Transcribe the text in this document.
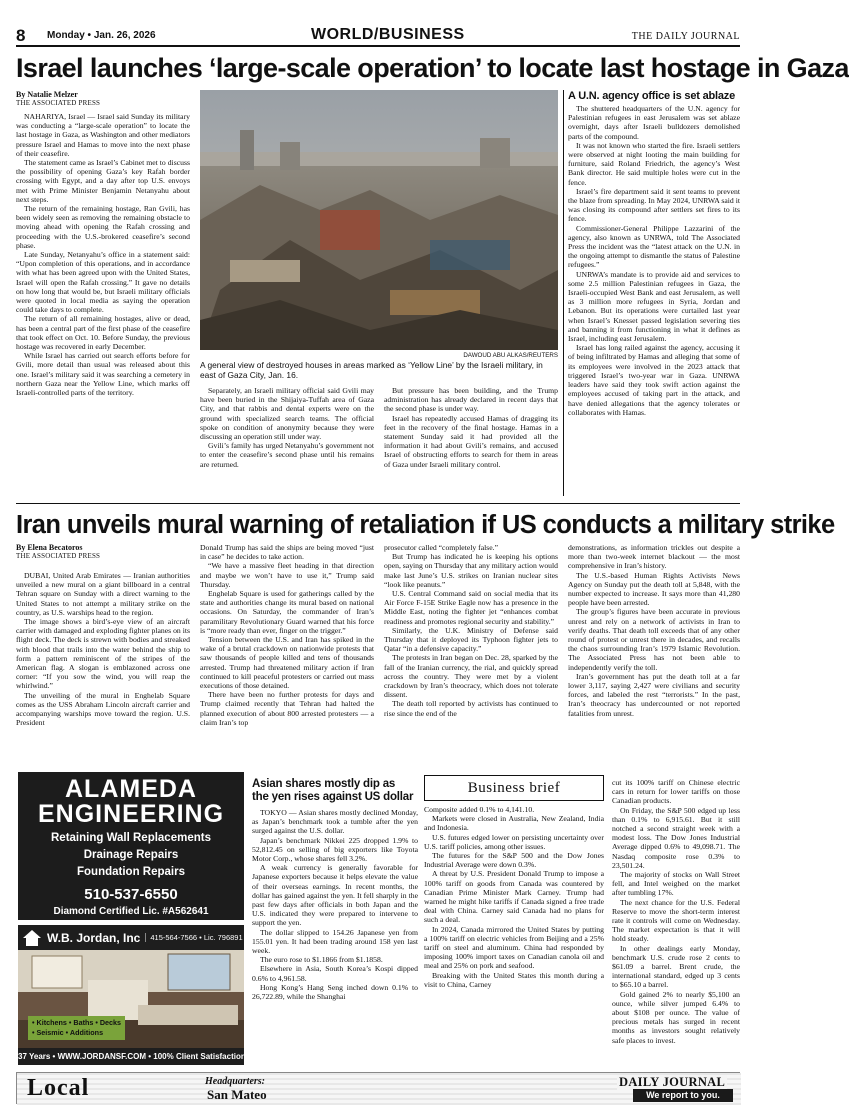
8 Monday • Jan. 26, 2026	WORLD/BUSINESS	THE DAILY JOURNAL
Israel launches ‘large-scale operation’ to locate last hostage in Gaza
By Natalie Melzer
THE ASSOCIATED PRESS

NAHARIYA, Israel — Israel said Sunday its military was conducting a “large-scale operation” to locate the last hostage in Gaza, as Washington and other mediators pressure Israel and Hamas to move into the next phase of their ceasefire.

The statement came as Israel’s Cabinet met to discuss the possibility of opening Gaza’s key Rafah border crossing with Egypt, and a day after top U.S. envoys met with Prime Minister Benjamin Netanyahu about next steps.

The return of the remaining hostage, Ran Gvili, has been widely seen as removing the remaining obstacle to moving ahead with opening the Rafah crossing and proceeding with the U.S.-brokered ceasefire’s second phase.

Late Sunday, Netanyahu’s office in a statement said: “Upon completion of this operations, and in accordance with what has been agreed upon with the United States, Israel will open the Rafah crossing.” It gave no details on how long that would be, but Israeli military officials were quoted in local media as saying the operation could take days to complete.

The return of all remaining hostages, alive or dead, has been a central part of the first phase of the ceasefire that took effect on Oct. 10. Before Sunday, the previous hostage was recovered in early December.

While Israel has carried out search efforts before for Gvili, more detail than usual was released about this one. Israel’s military said it was searching a cemetery in northern Gaza near the Yellow Line, which marks off Israeli-controlled parts of the territory.

DAWOUD ABU ALKAS/REUTERS
A general view of destroyed houses in areas marked as ‘Yellow Line’ by the Israeli military, in east of Gaza City, Jan. 16.

Separately, an Israeli military official said Gvili may have been buried in the Shijaiya-Tuffah area of Gaza City, and that rabbis and dental experts were on the ground with specialized search teams. The official spoke on condition of anonymity because they were discussing an operation still under way.

Gvili’s family has urged Netanyahu’s government not to enter the ceasefire’s second phase until his remains are returned.

But pressure has been building, and the Trump administration has already declared in recent days that the second phase is under way.

Israel has repeatedly accused Hamas of dragging its feet in the recovery of the final hostage. Hamas in a statement Sunday said it had provided all the information it had about Gvili’s remains, and accused Israel of obstructing efforts to search for them in areas of Gaza under Israeli military control.

A U.N. agency office is set ablaze

The shuttered headquarters of the U.N. agency for Palestinian refugees in east Jerusalem was set ablaze overnight, days after Israeli bulldozers demolished parts of the compound.

It was not known who started the fire. Israeli settlers were observed at night looting the main building for furniture, said Roland Friedrich, the agency’s West Bank director. He said multiple holes were cut in the fence.

Israel’s fire department said it sent teams to prevent the blaze from spreading. In May 2024, UNRWA said it was closing its compound after settlers set fires to its fence.

Commissioner-General Philippe Lazzarini of the agency, also known as UNRWA, told The Associated Press the incident was the “latest attack on the U.N. in the ongoing attempt to dismantle the status of Palestine refugees.”

UNRWA’s mandate is to provide aid and services to some 2.5 million Palestinian refugees in Gaza, the Israeli-occupied West Bank and east Jerusalem, as well as 3 million more refugees in Syria, Jordan and Lebanon. But its operations were curtailed last year when Israel’s Knesset passed legislation severing ties and banning it from functioning in what it defines as Israel, including east Jerusalem.

Israel has long railed against the agency, accusing it of being infiltrated by Hamas and alleging that some of its employees were involved in the 2023 attack that triggered Israel’s two-year war in Gaza. UNRWA leaders have said they took swift action against the employees accused of taking part in the attack, and have denied allegations that the agency tolerates or collaborates with Hamas.

Iran unveils mural warning of retaliation if US conducts a military strike
By Elena Becatoros
THE ASSOCIATED PRESS

DUBAI, United Arab Emirates — Iranian authorities unveiled a new mural on a giant billboard in a central Tehran square on Sunday with a direct warning to the United States to not attempt a military strike on the country, as U.S. warships head to the region.

The image shows a bird’s-eye view of an aircraft carrier with damaged and exploding fighter planes on its flight deck. The deck is strewn with bodies and streaked with blood that trails into the water behind the ship to form a pattern reminiscent of the stripes of the American flag. A slogan is emblazoned across one corner: “If you sow the wind, you will reap the whirlwind.”

The unveiling of the mural in Enghelab Square comes as the USS Abraham Lincoln aircraft carrier and accompanying warships move toward the region. U.S. President

Donald Trump has said the ships are being moved “just in case” he decides to take action.

“We have a massive fleet heading in that direction and maybe we won’t have to use it,” Trump said Thursday.

Enghelab Square is used for gatherings called by the state and authorities change its mural based on national occasions. On Saturday, the commander of Iran’s paramilitary Revolutionary Guard warned that his force is “more ready than ever, finger on the trigger.”

Tension between the U.S. and Iran has spiked in the wake of a brutal crackdown on nationwide protests that saw thousands of people killed and tens of thousands arrested. Trump had threatened military action if Iran continued to kill peaceful protesters or carried out mass executions of those detained.

There have been no further protests for days and Trump claimed recently that Tehran had halted the planned execution of about 800 arrested protesters — a claim Iran’s top

prosecutor called “completely false.”

But Trump has indicated he is keeping his options open, saying on Thursday that any military action would make last June’s U.S. strikes on Iranian nuclear sites “look like peanuts.”

U.S. Central Command said on social media that its Air Force F-15E Strike Eagle now has a presence in the Middle East, noting the fighter jet “enhances combat readiness and promotes regional security and stability.”

Similarly, the U.K. Ministry of Defense said Thursday that it deployed its Typhoon fighter jets to Qatar “in a defensive capacity.”

The protests in Iran began on Dec. 28, sparked by the fall of the Iranian currency, the rial, and quickly spread across the country. They were met by a violent crackdown by Iran’s theocracy, which does not tolerate dissent.

The death toll reported by activists has continued to rise since the end of the

demonstrations, as information trickles out despite a more than two-week internet blackout — the most comprehensive in Iran’s history.

The U.S.-based Human Rights Activists News Agency on Sunday put the death toll at 5,848, with the number expected to increase. It says more than 41,280 people have been arrested.

The group’s figures have been accurate in previous unrest and rely on a network of activists in Iran to verify deaths. That death toll exceeds that of any other round of protest or unrest there in decades, and recalls the chaos surrounding Iran’s 1979 Islamic Revolution. The Associated Press has not been able to independently verify the toll.

Iran’s government has put the death toll at a far lower 3,117, saying 2,427 were civilians and security forces, and labeled the rest “terrorists.” In the past, Iran’s theocracy has undercounted or not reported fatalities from unrest.

ALAMEDA
ENGINEERING
Retaining Wall Replacements
Drainage Repairs
Foundation Repairs
510-537-6550
Diamond Certified Lic. #A562641
W.B. Jordan, Inc	415-564-7566 • Lic. 796891
• Kitchens • Baths • Decks
• Seismic • Additions
37 Years • WWW.JORDANSF.COM • 100% Client Satisfaction
Asian shares mostly dip as
the yen rises against US dollar

TOKYO — Asian shares mostly declined Monday, as Japan’s benchmark took a tumble after the yen surged against the U.S. dollar.

Japan’s benchmark Nikkei 225 dropped 1.9% to 52,812.45 on selling of big exporters like Toyota Motor Corp., whose shares fell 3.2%.

A weak currency is generally favorable for Japanese exporters because it helps elevate the value of their overseas earnings. In recent months, the dollar has gained against the yen. It fell sharply in the past few days after officials in both Japan and the U.S. indicated they were prepared to intervene to support the yen.

The dollar slipped to 154.26 Japanese yen from 155.01 yen. It had been trading around 158 yen last week.

The euro rose to $1.1866 from $1.1858.

Elsewhere in Asia, South Korea’s Kospi dipped 0.6% to 4,961.58.

Hong Kong’s Hang Seng inched down 0.1% to 26,722.89, while the Shanghai

Business brief

Composite added 0.1% to 4,141.10.

Markets were closed in Australia, New Zealand, India and Indonesia.

U.S. futures edged lower on persisting uncertainty over U.S. tariff policies, among other issues.

The futures for the S&P 500 and the Dow Jones Industrial Average were down 0.3%.

A threat by U.S. President Donald Trump to impose a 100% tariff on goods from Canada was countered by Canadian Prime Minister Mark Carney. Trump had warned he might hike tariffs if Canada signed a free trade deal with China. Carney said Canada had no plans for such a deal.

In 2024, Canada mirrored the United States by putting a 100% tariff on electric vehicles from Beijing and a 25% tariff on steel and aluminum. China had responded by imposing 100% import taxes on Canadian canola oil and meal and 25% on pork and seafood.

Breaking with the United States this month during a visit to China, Carney

cut its 100% tariff on Chinese electric cars in return for lower tariffs on those Canadian products.

On Friday, the S&P 500 edged up less than 0.1% to 6,915.61. But it still notched a second straight week with a modest loss. The Dow Jones Industrial Average dipped 0.6% to 49,098.71. The Nasdaq composite rose 0.3% to 23,501.24.

The majority of stocks on Wall Street fell, and Intel weighed on the market after tumbling 17%.

The next chance for the U.S. Federal Reserve to move the short-term interest rate it controls will come on Wednesday. The market expectation is that it will hold steady.

In other dealings early Monday, benchmark U.S. crude rose 2 cents to $61.09 a barrel. Brent crude, the international standard, edged up 3 cents to $65.10 a barrel.

Gold gained 2% to nearly $5,100 an ounce, while silver jumped 6.4% to about $108 per ounce. The value of precious metals has surged in recent months as investors sought relatively safe places to invest.

Local	Headquarters:
San Mateo
DAILY JOURNAL
We report to you.
